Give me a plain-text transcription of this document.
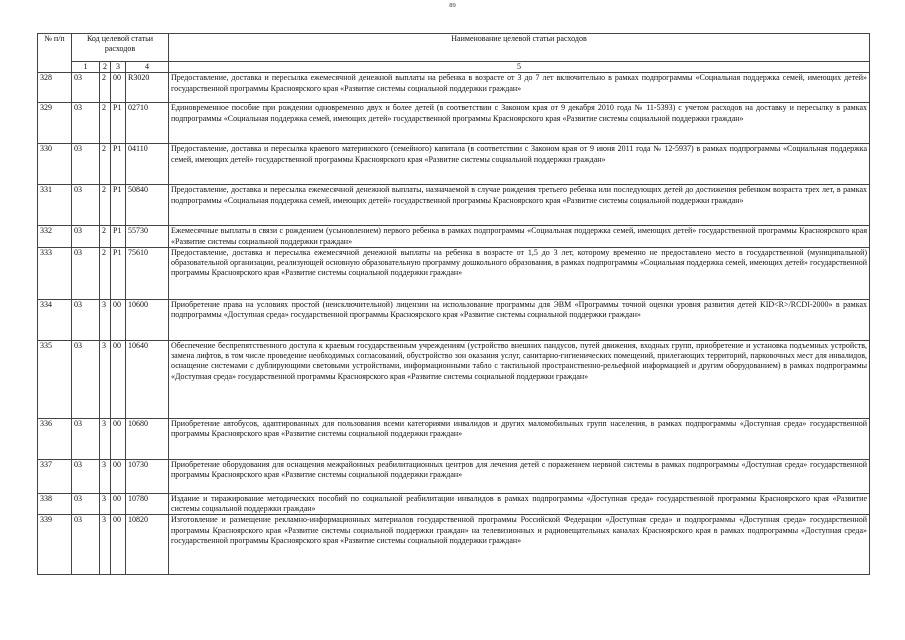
89
№ п/п	Код целевой статьи расходов				Наименование целевой статьи расходов
	1	2	3	4	5
328	03	2	00	R3020	Предоставление, доставка и пересылка ежемесячной денежной выплаты на ребенка в возрасте от 3 до 7 лет включительно в рамках подпрограммы «Социальная поддержка семей, имеющих детей» государственной программы Красноярского края «Развитие системы социальной поддержки граждан»
329	03	2	P1	02710	Единовременное пособие при рождении одновременно двух и более детей (в соответствии с Законом края от 9 декабря 2010 года № 11-5393) с учетом расходов на доставку и пересылку в рамках подпрограммы «Социальная поддержка семей, имеющих детей» государственной программы Красноярского края «Развитие системы социальной поддержки граждан»
330	03	2	P1	04110	Предоставление, доставка и пересылка краевого материнского (семейного) капитала (в соответствии с Законом края от 9 июня 2011 года № 12-5937) в рамках подпрограммы «Социальная поддержка семей, имеющих детей» государственной программы Красноярского края «Развитие системы социальной поддержки граждан»
331	03	2	P1	50840	Предоставление, доставка и пересылка ежемесячной денежной выплаты, назначаемой в случае рождения третьего ребенка или последующих детей до достижения ребенком возраста трех лет, в рамках подпрограммы «Социальная поддержка семей, имеющих детей» государственной программы Красноярского края «Развитие системы социальной поддержки граждан»
332	03	2	P1	55730	Ежемесячные выплаты в связи с рождением (усыновлением) первого ребенка в рамках подпрограммы «Социальная поддержка семей, имеющих детей» государственной программы Красноярского края «Развитие системы социальной поддержки граждан»
333	03	2	P1	75610	Предоставление, доставка и пересылка ежемесячной денежной выплаты на ребенка в возрасте от 1,5 до 3 лет, которому временно не предоставлено место в государственной (муниципальной) образовательной организации, реализующей основную образовательную программу дошкольного образования, в рамках подпрограммы «Социальная поддержка семей, имеющих детей» государственной программы Красноярского края «Развитие системы социальной поддержки граждан»
334	03	3	00	10600	Приобретение права на условиях простой (неисключительной) лицензии на использование программы для ЭВМ «Программы точной оценки уровня развития детей KID<R>/RCDI-2000» в рамках подпрограммы «Доступная среда» государственной программы Красноярского края «Развитие системы социальной поддержки граждан»
335	03	3	00	10640	Обеспечение беспрепятственного доступа к краевым государственным учреждениям (устройство внешних пандусов, путей движения, входных групп, приобретение и установка подъемных устройств, замена лифтов, в том числе проведение необходимых согласований, обустройство зон оказания услуг, санитарно-гигиенических помещений, прилегающих территорий, парковочных мест для инвалидов, оснащение системами с дублирующими световыми устройствами, информационными табло с тактильной пространственно-рельефной информацией и другим оборудованием) в рамках подпрограммы «Доступная среда» государственной программы Красноярского края «Развитие системы социальной поддержки граждан»
336	03	3	00	10680	Приобретение автобусов, адаптированных для пользования всеми категориями инвалидов и других маломобильных групп населения, в рамках подпрограммы «Доступная среда» государственной программы Красноярского края «Развитие системы социальной поддержки граждан»
337	03	3	00	10730	Приобретение оборудования для оснащения межрайонных реабилитационных центров для лечения детей с поражением нервной системы в рамках подпрограммы «Доступная среда» государственной программы Красноярского края «Развитие системы социальной поддержки граждан»
338	03	3	00	10780	Издание и тиражирование методических пособий по социальной реабилитации инвалидов в рамках подпрограммы «Доступная среда» государственной программы Красноярского края «Развитие системы социальной поддержки граждан»
339	03	3	00	10820	Изготовление и размещение рекламно-информационных материалов государственной программы Российской Федерации «Доступная среда» и подпрограммы «Доступная среда» государственной программы Красноярского края «Развитие системы социальной поддержки граждан» на телевизионных и радиовещательных каналах Красноярского края в рамках подпрограммы «Доступная среда» государственной программы Красноярского края «Развитие системы социальной поддержки граждан»
